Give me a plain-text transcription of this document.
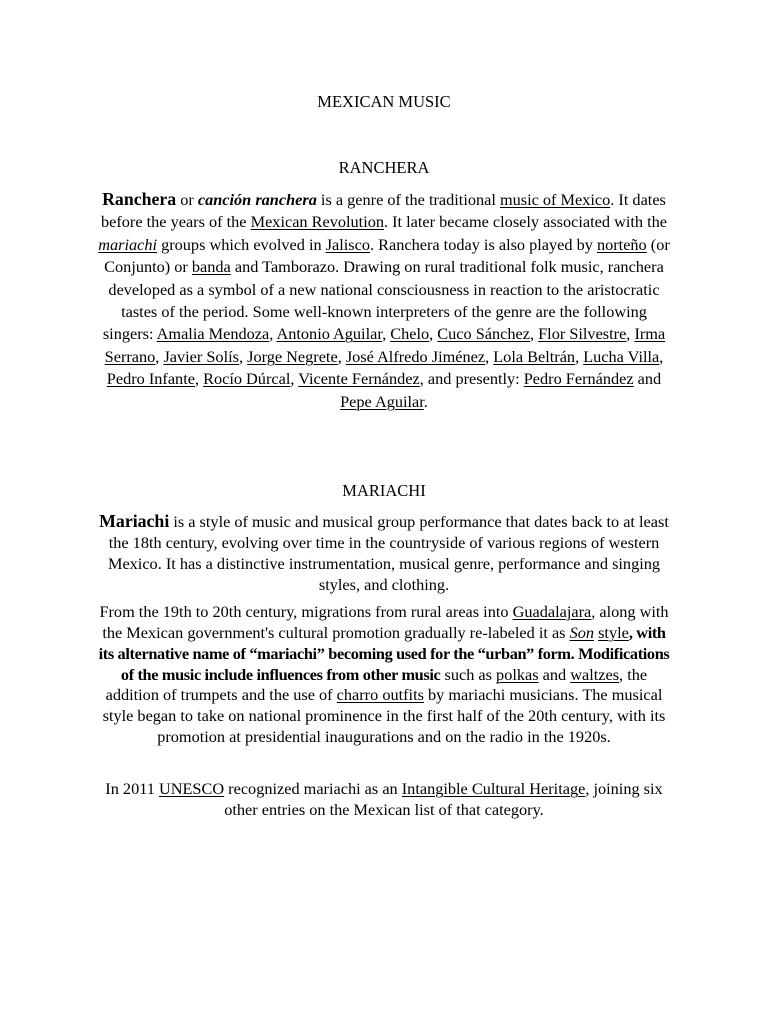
MEXICAN MUSIC
RANCHERA

Ranchera or canción ranchera is a genre of the traditional music of Mexico. It dates before the years of the Mexican Revolution. It later became closely associated with the mariachi groups which evolved in Jalisco. Ranchera today is also played by norteño (or Conjunto) or banda and Tamborazo. Drawing on rural traditional folk music, ranchera developed as a symbol of a new national consciousness in reaction to the aristocratic tastes of the period. Some well-known interpreters of the genre are the following singers: Amalia Mendoza, Antonio Aguilar, Chelo, Cuco Sánchez, Flor Silvestre, Irma Serrano, Javier Solís, Jorge Negrete, José Alfredo Jiménez, Lola Beltrán, Lucha Villa, Pedro Infante, Rocío Dúrcal, Vicente Fernández, and presently: Pedro Fernández and Pepe Aguilar.

MARIACHI

Mariachi is a style of music and musical group performance that dates back to at least the 18th century, evolving over time in the countryside of various regions of western Mexico. It has a distinctive instrumentation, musical genre, performance and singing styles, and clothing.

From the 19th to 20th century, migrations from rural areas into Guadalajara, along with the Mexican government's cultural promotion gradually re-labeled it as Son style, with its alternative name of “mariachi” becoming used for the “urban” form. Modifications of the music include influences from other music such as polkas and waltzes, the addition of trumpets and the use of charro outfits by mariachi musicians. The musical style began to take on national prominence in the first half of the 20th century, with its promotion at presidential inaugurations and on the radio in the 1920s.

In 2011 UNESCO recognized mariachi as an Intangible Cultural Heritage, joining six other entries on the Mexican list of that category.
